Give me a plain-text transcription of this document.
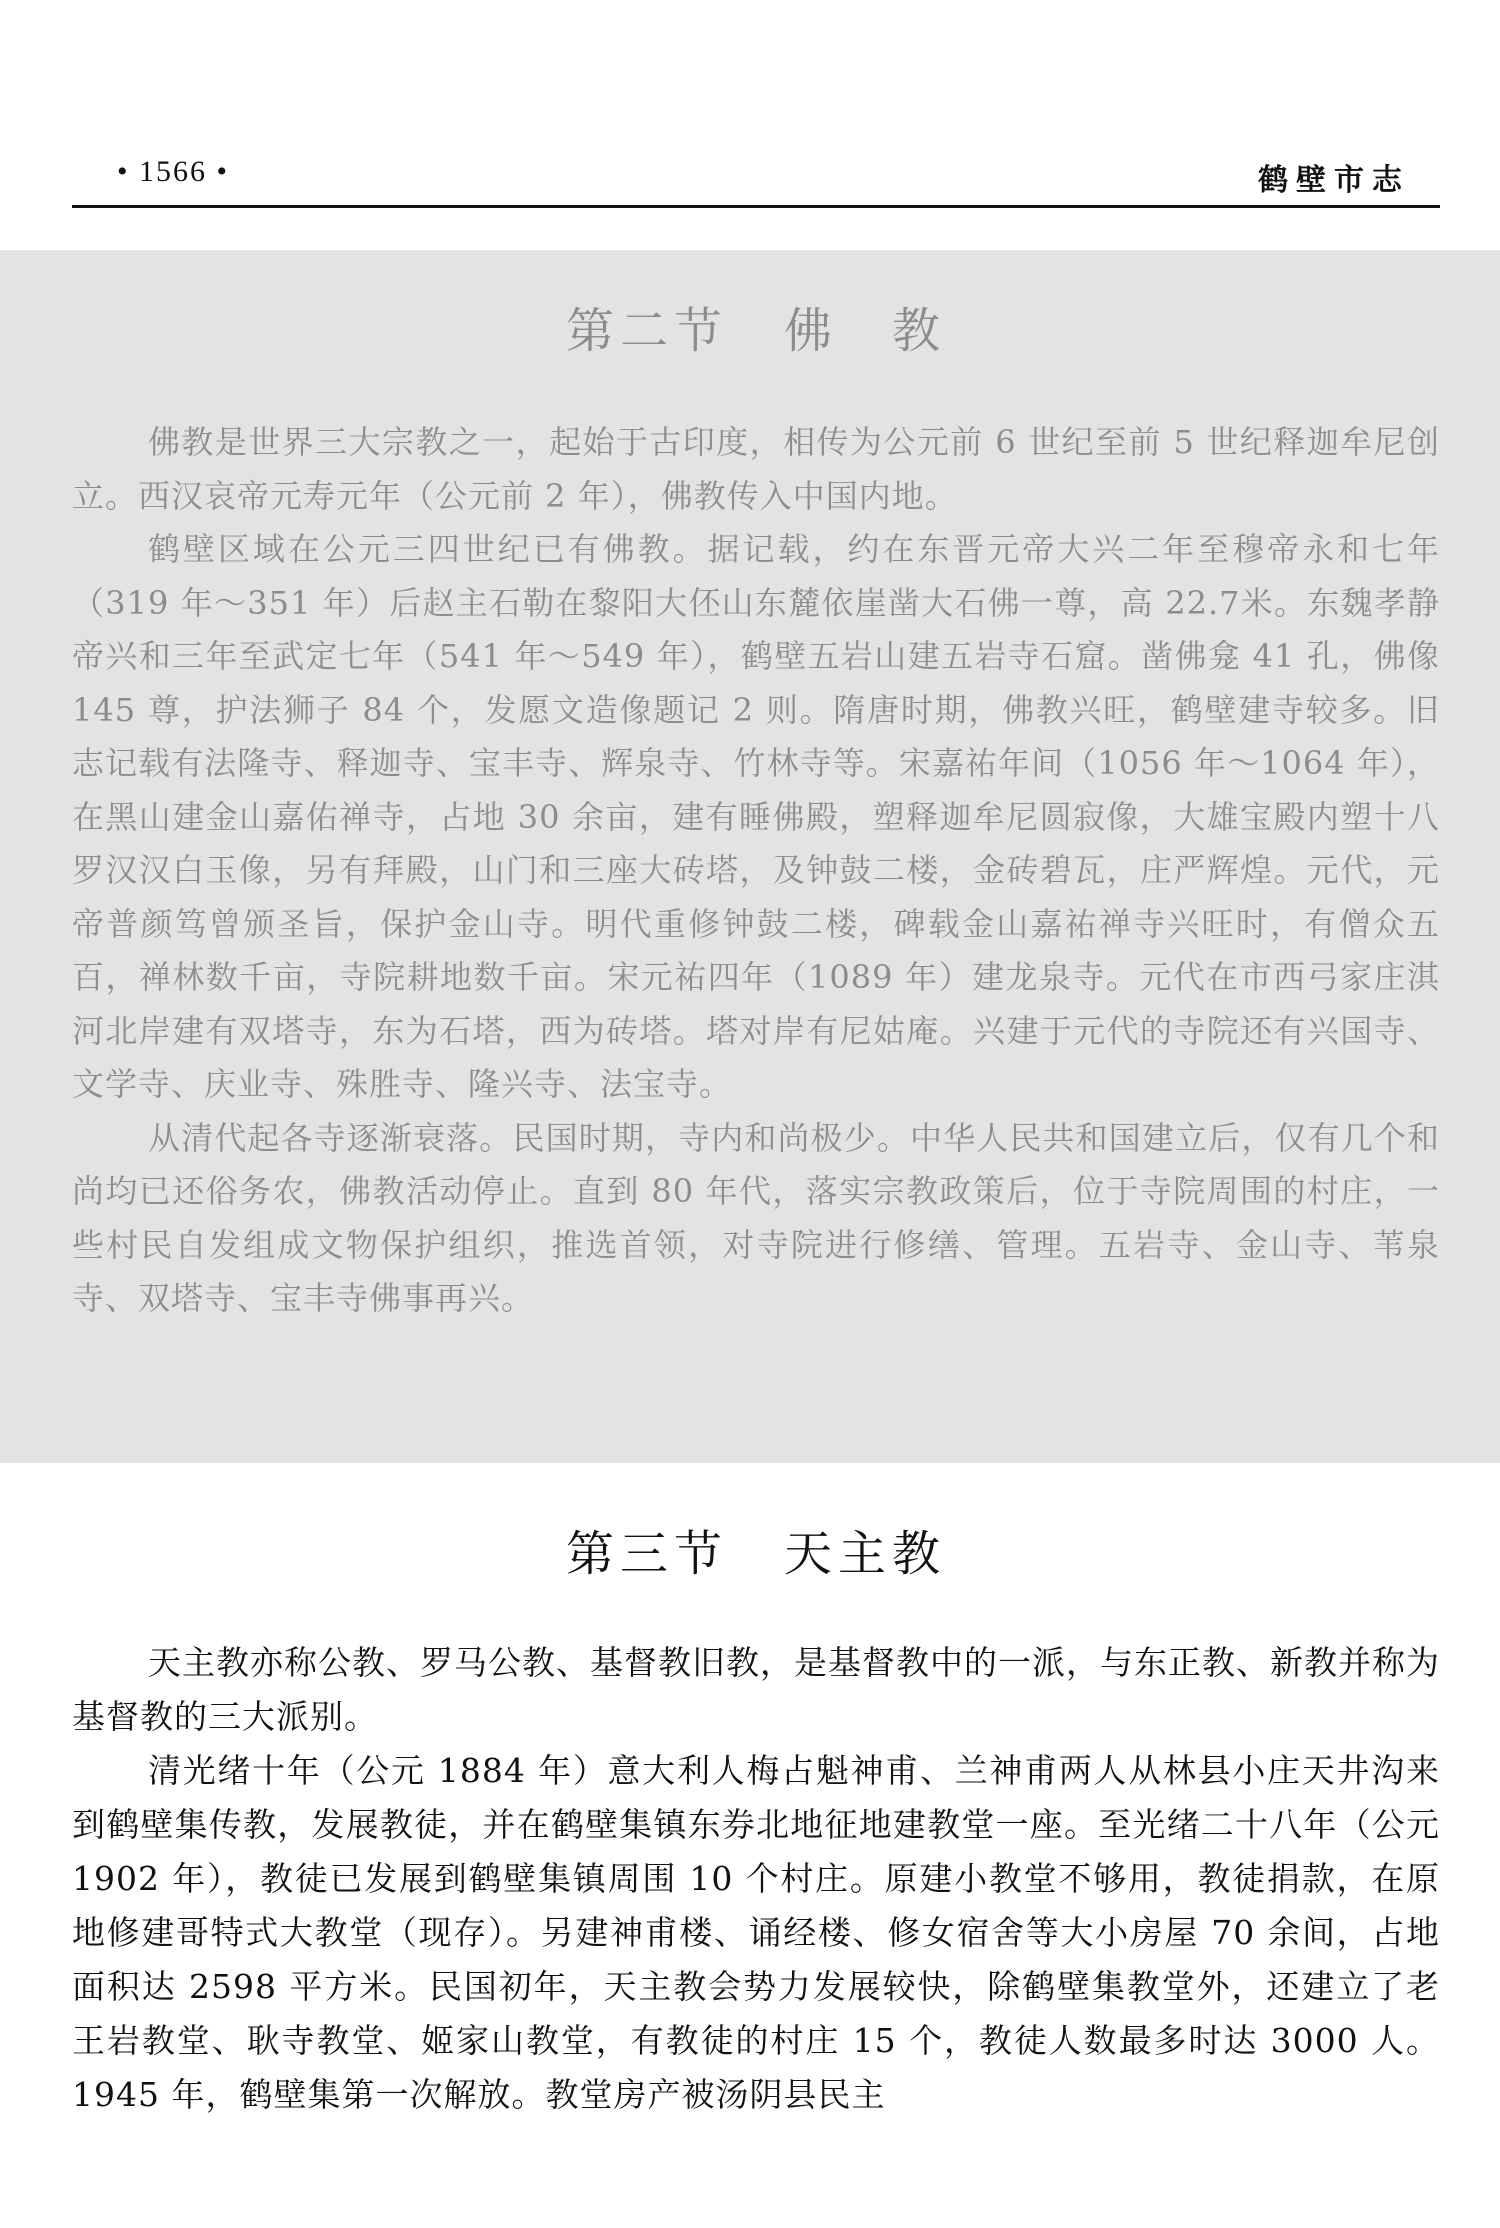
• 1566 •	鹤壁市志
第二节 佛　教

佛教是世界三大宗教之一，起始于古印度，相传为公元前 6 世纪至前 5 世纪释迦牟尼创立。西汉哀帝元寿元年（公元前 2 年），佛教传入中国内地。

鹤壁区域在公元三四世纪已有佛教。据记载，约在东晋元帝大兴二年至穆帝永和七年（319 年～351 年）后赵主石勒在黎阳大伾山东麓依崖凿大石佛一尊，高 22.7米。东魏孝静帝兴和三年至武定七年（541 年～549 年），鹤壁五岩山建五岩寺石窟。凿佛龛 41 孔，佛像 145 尊，护法狮子 84 个，发愿文造像题记 2 则。隋唐时期，佛教兴旺，鹤壁建寺较多。旧志记载有法隆寺、释迦寺、宝丰寺、辉泉寺、竹林寺等。宋嘉祐年间（1056 年～1064 年），在黑山建金山嘉佑禅寺，占地 30 余亩，建有睡佛殿，塑释迦牟尼圆寂像，大雄宝殿内塑十八罗汉汉白玉像，另有拜殿，山门和三座大砖塔，及钟鼓二楼，金砖碧瓦，庄严辉煌。元代，元帝普颜笃曾颁圣旨，保护金山寺。明代重修钟鼓二楼，碑载金山嘉祐禅寺兴旺时，有僧众五百，禅林数千亩，寺院耕地数千亩。宋元祐四年（1089 年）建龙泉寺。元代在市西弓家庄淇河北岸建有双塔寺，东为石塔，西为砖塔。塔对岸有尼姑庵。兴建于元代的寺院还有兴国寺、文学寺、庆业寺、殊胜寺、隆兴寺、法宝寺。

从清代起各寺逐渐衰落。民国时期，寺内和尚极少。中华人民共和国建立后，仅有几个和尚均已还俗务农，佛教活动停止。直到 80 年代，落实宗教政策后，位于寺院周围的村庄，一些村民自发组成文物保护组织，推选首领，对寺院进行修缮、管理。五岩寺、金山寺、苇泉寺、双塔寺、宝丰寺佛事再兴。

第三节 天主教

天主教亦称公教、罗马公教、基督教旧教，是基督教中的一派，与东正教、新教并称为基督教的三大派别。

清光绪十年（公元 1884 年）意大利人梅占魁神甫、兰神甫两人从林县小庄天井沟来到鹤壁集传教，发展教徒，并在鹤壁集镇东券北地征地建教堂一座。至光绪二十八年（公元 1902 年），教徒已发展到鹤壁集镇周围 10 个村庄。原建小教堂不够用，教徒捐款，在原地修建哥特式大教堂（现存）。另建神甫楼、诵经楼、修女宿舍等大小房屋 70 余间，占地面积达 2598 平方米。民国初年，天主教会势力发展较快，除鹤壁集教堂外，还建立了老王岩教堂、耿寺教堂、姬家山教堂，有教徒的村庄 15 个，教徒人数最多时达 3000 人。1945 年，鹤壁集第一次解放。教堂房产被汤阴县民主
